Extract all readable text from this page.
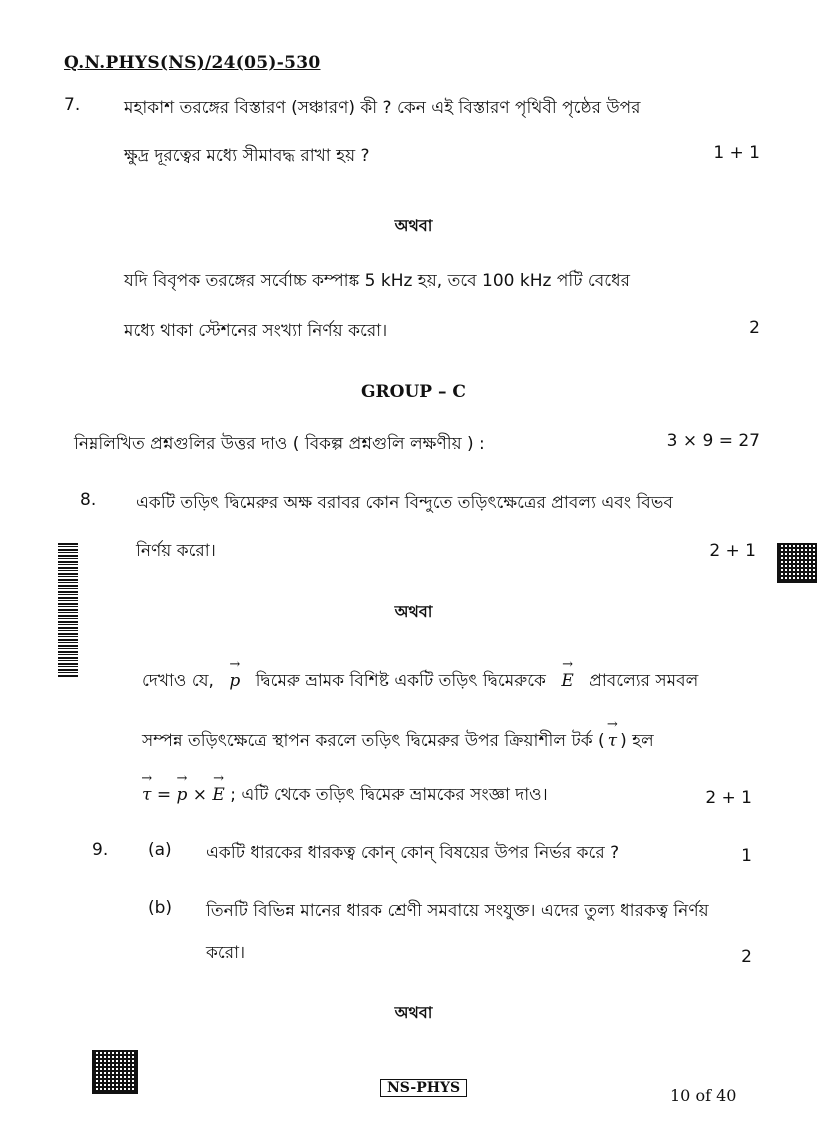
Q.N.PHYS(NS)/24(05)-530
7.	মহাকাশ তরঙ্গের বিস্তারণ (সঞ্চারণ) কী ? কেন এই বিস্তারণ পৃথিবী পৃষ্ঠের উপর
ক্ষুদ্র দূরত্বের মধ্যে সীমাবদ্ধ রাখা হয় ?	1 + 1
অথবা
যদি বিবৃপক তরঙ্গের সর্বোচ্চ কম্পাঙ্ক 5 kHz হয়, তবে 100 kHz পটি বেধের
মধ্যে থাকা স্টেশনের সংখ্যা নির্ণয় করো।	2
GROUP – C
নিম্নলিখিত প্রশ্নগুলির উত্তর দাও ( বিকল্প প্রশ্নগুলি লক্ষণীয় ) :	3 × 9 = 27
8. একটি তড়িৎ দ্বিমেরুর অক্ষ বরাবর কোন বিন্দুতে তড়িৎক্ষেত্রের প্রাবল্য এবং বিভব
নির্ণয় করো।	2 + 1
অথবা
দেখাও যে, → p দ্বিমেরু ভ্রামক বিশিষ্ট একটি তড়িৎ দ্বিমেরুকে → E প্রাবল্যের সমবল
সম্পন্ন তড়িৎক্ষেত্রে স্থাপন করলে তড়িৎ দ্বিমেরুর উপর ক্রিয়াশীল টর্ক ( → τ ) হল
→ τ = → p × → E ; এটি থেকে তড়িৎ দ্বিমেরু ভ্রামকের সংজ্ঞা দাও।	2 + 1
9. (a) একটি ধারকের ধারকত্ব কোন্ কোন্ বিষয়ের উপর নির্ভর করে ?	1
(b) তিনটি বিভিন্ন মানের ধারক শ্রেণী সমবায়ে সংযুক্ত। এদের তুল্য ধারকত্ব নির্ণয়
করো।	2
অথবা
NS-PHYS	10 of 40
